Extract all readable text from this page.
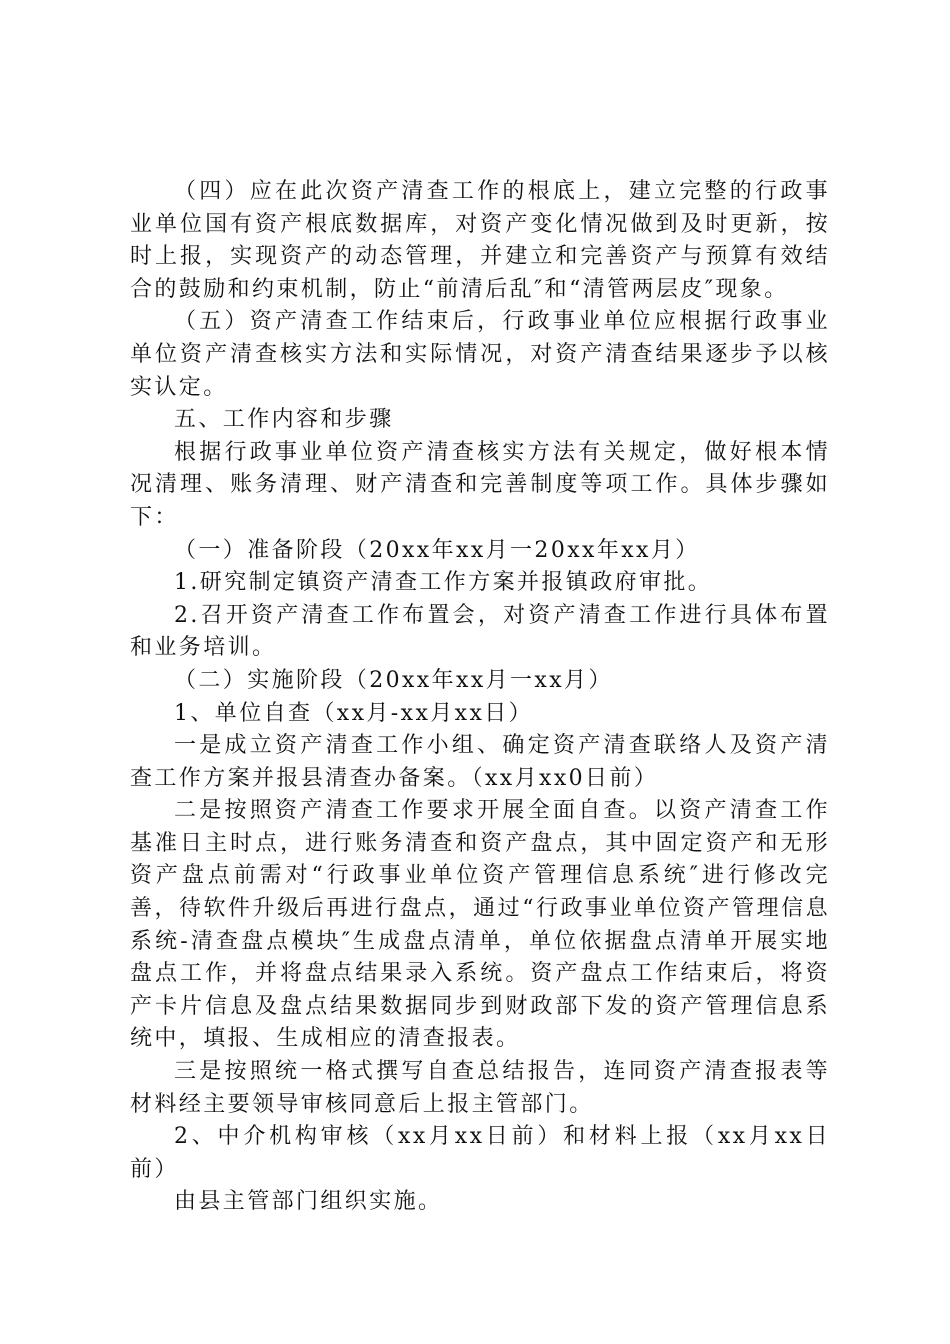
（四）应在此次资产清查工作的根底上，建立完整的行政事业单位国有资产根底数据库，对资产变化情况做到及时更新，按时上报，实现资产的动态管理，并建立和完善资产与预算有效结合的鼓励和约束机制，防止“前清后乱″和“清管两层皮″现象。

（五）资产清查工作结束后，行政事业单位应根据行政事业单位资产清查核实方法和实际情况，对资产清查结果逐步予以核实认定。

五、工作内容和步骤

根据行政事业单位资产清查核实方法有关规定，做好根本情况清理、账务清理、财产清查和完善制度等项工作。具体步骤如下：

（一）准备阶段（20xx年xx月一20xx年xx月）

1.研究制定镇资产清查工作方案并报镇政府审批。

2.召开资产清查工作布置会，对资产清查工作进行具体布置和业务培训。

（二）实施阶段（20xx年xx月一xx月）

1、单位自查（xx月-xx月xx日）

一是成立资产清查工作小组、确定资产清查联络人及资产清查工作方案并报县清查办备案。（xx月xx0日前）

二是按照资产清查工作要求开展全面自查。以资产清查工作基准日主时点，进行账务清查和资产盘点，其中固定资产和无形资产盘点前需对“行政事业单位资产管理信息系统″进行修改完善，待软件升级后再进行盘点，通过“行政事业单位资产管理信息系统-清查盘点模块″生成盘点清单，单位依据盘点清单开展实地盘点工作，并将盘点结果录入系统。资产盘点工作结束后，将资产卡片信息及盘点结果数据同步到财政部下发的资产管理信息系统中，填报、生成相应的清查报表。

三是按照统一格式撰写自查总结报告，连同资产清查报表等材料经主要领导审核同意后上报主管部门。

2、中介机构审核（xx月xx日前）和材料上报（xx月xx日前）

由县主管部门组织实施。
